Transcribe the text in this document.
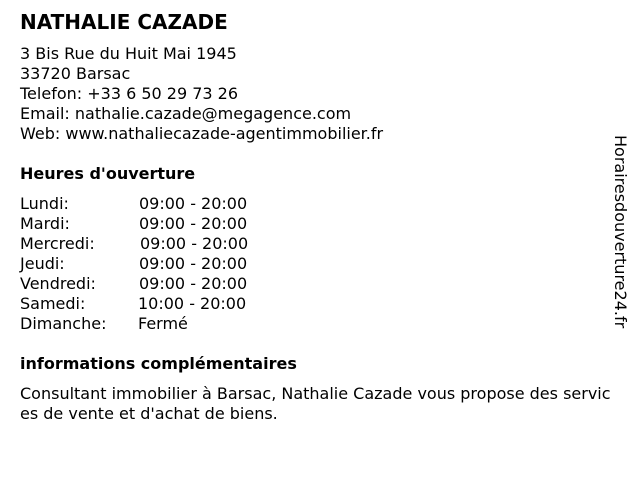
NATHALIE CAZADE
3 Bis Rue du Huit Mai 1945
33720 Barsac
Telefon: +33 6 50 29 73 26
Email: nathalie.cazade@megagence.com
Web: www.nathaliecazade-agentimmobilier.fr
Heures d'ouverture
Lundi:	09:00 - 20:00
Mardi:	09:00 - 20:00
Mercredi:	09:00 - 20:00
Jeudi:	09:00 - 20:00
Vendredi:	09:00 - 20:00
Samedi:	10:00 - 20:00
Dimanche: Fermé
informations complémentaires

Consultant immobilier à Barsac, Nathalie Cazade vous propose des services de vente et d'achat de biens.

Horairesdouverture24.fr
